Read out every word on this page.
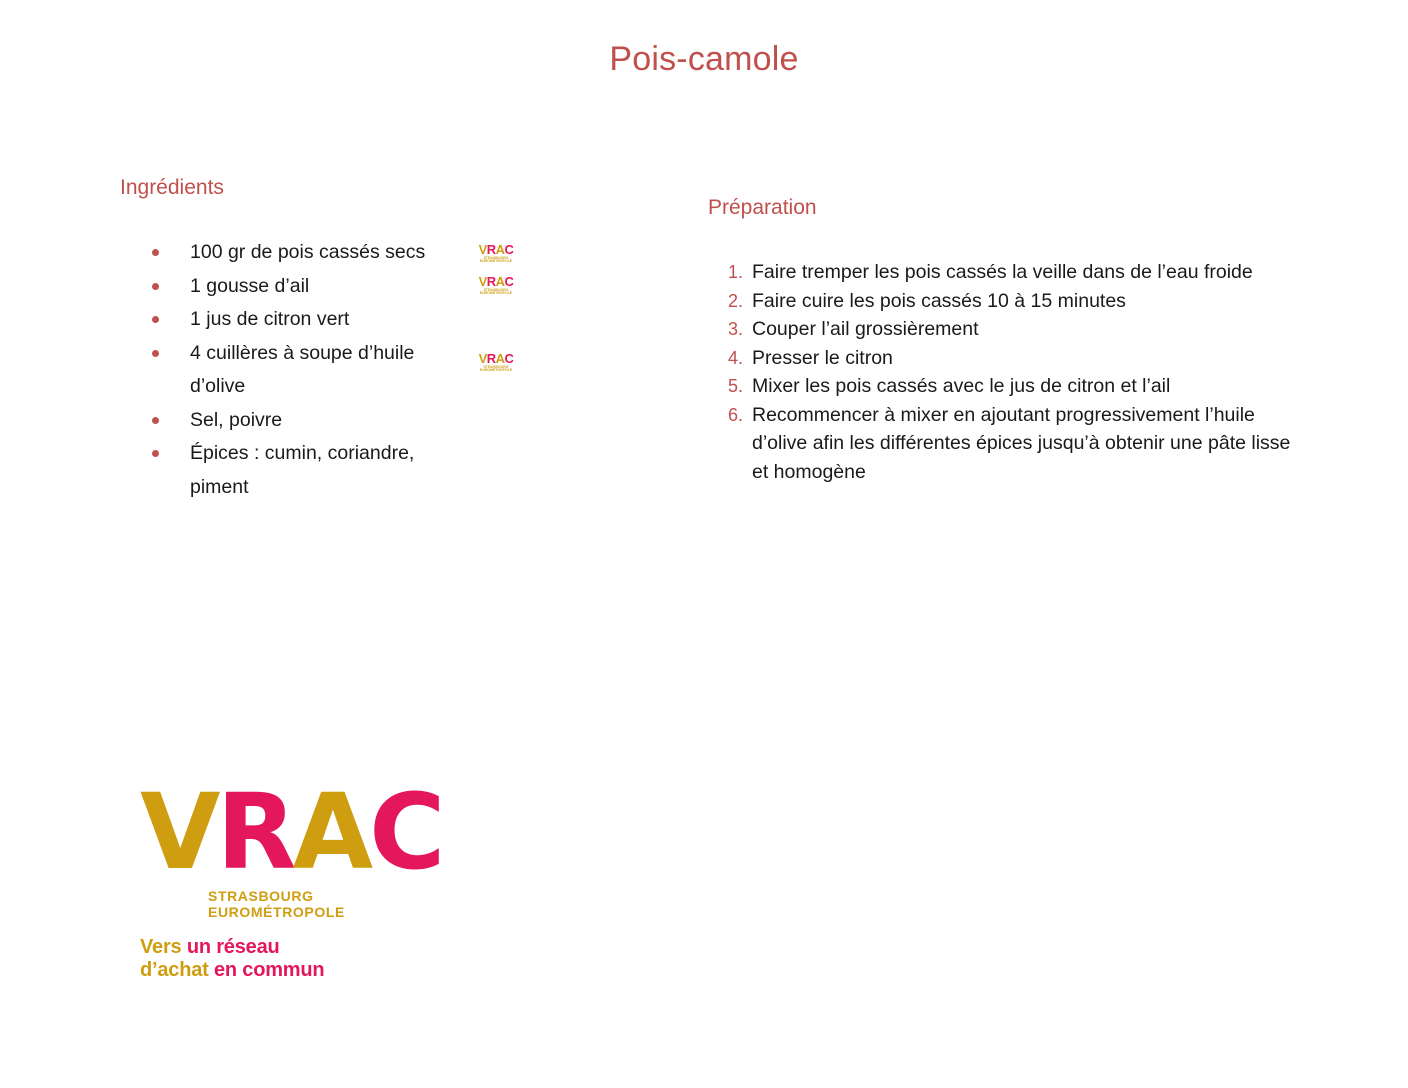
Pois-camole
Ingrédients
100 gr de pois cassés secs
1 gousse d’ail
1 jus de citron vert
4 cuillères à soupe d’huile d’olive
Sel, poivre
Épices : cumin, coriandre, piment
VRAC
STRASBOURG EUROMÉTROPOLE
VRAC
STRASBOURG EUROMÉTROPOLE
VRAC
STRASBOURG EUROMÉTROPOLE
Préparation
1. Faire tremper les pois cassés la veille dans de l’eau froide
2. Faire cuire les pois cassés 10 à 15 minutes
3. Couper l’ail grossièrement
4. Presser le citron
5. Mixer les pois cassés avec le jus de citron et l’ail
6. Recommencer à mixer en ajoutant progressivement l’huile d’olive afin les différentes épices jusqu’à obtenir une pâte lisse et homogène
VRAC
STRASBOURG
EUROMÉTROPOLE
Vers un réseau
d’achat en commun
